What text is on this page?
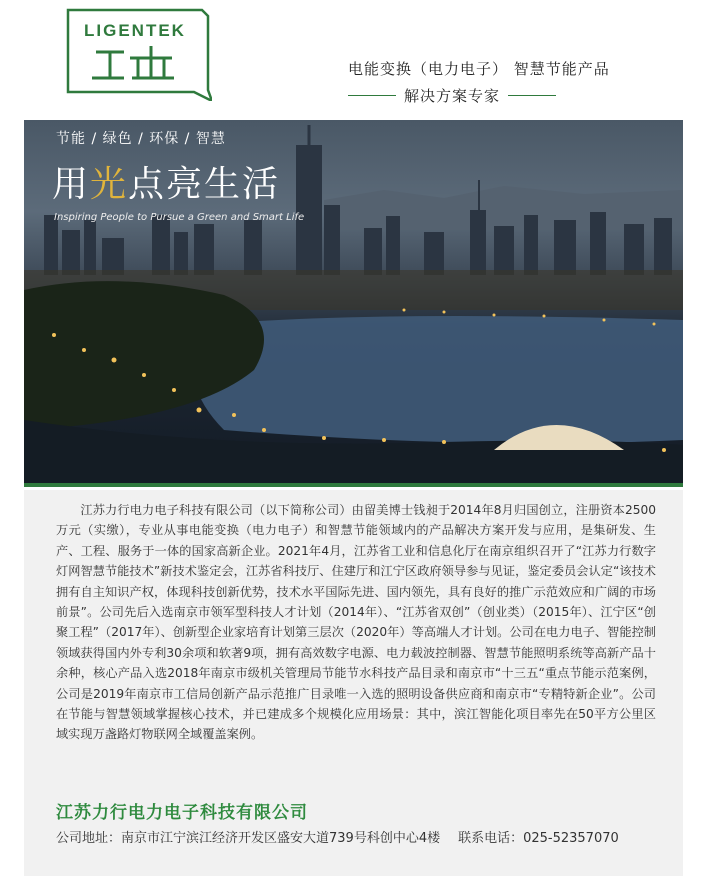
LIGENTEK
电能变换（电力电子） 智慧节能产品
解决方案专家
节能 / 绿色 / 环保 / 智慧
用光点亮生活
Inspiring People to Pursue a Green and Smart Life
江苏力行电力电子科技有限公司（以下简称公司）由留美博士钱昶于2014年8月归国创立，注册资本2500万元（实缴），专业从事电能变换（电力电子）和智慧节能领域内的产品解决方案开发与应用，是集研发、生产、工程、服务于一体的国家高新企业。2021年4月，江苏省工业和信息化厅在南京组织召开了“江苏力行数字灯网智慧节能技术”新技术鉴定会，江苏省科技厅、住建厅和江宁区政府领导参与见证，鉴定委员会认定“该技术拥有自主知识产权，体现科技创新优势，技术水平国际先进、国内领先，具有良好的推广示范效应和广阔的市场前景”。公司先后入选南京市领军型科技人才计划（2014年）、“江苏省双创”（创业类）（2015年）、江宁区“创聚工程”（2017年）、创新型企业家培育计划第三层次（2020年）等高端人才计划。公司在电力电子、智能控制领域获得国内外专利30余项和软著9项，拥有高效数字电源、电力载波控制器、智慧节能照明系统等高新产品十余种，核心产品入选2018年南京市级机关管理局节能节水科技产品目录和南京市“十三五“重点节能示范案例，公司是2019年南京市工信局创新产品示范推广目录唯一入选的照明设备供应商和南京市“专精特新企业”。公司在节能与智慧领域掌握核心技术，并已建成多个规模化应用场景：其中，滨江智能化项目率先在50平方公里区域实现万盏路灯物联网全域覆盖案例。
江苏力行电力电子科技有限公司
公司地址：南京市江宁滨江经济开发区盛安大道739号科创中心4楼 联系电话：025-52357070
